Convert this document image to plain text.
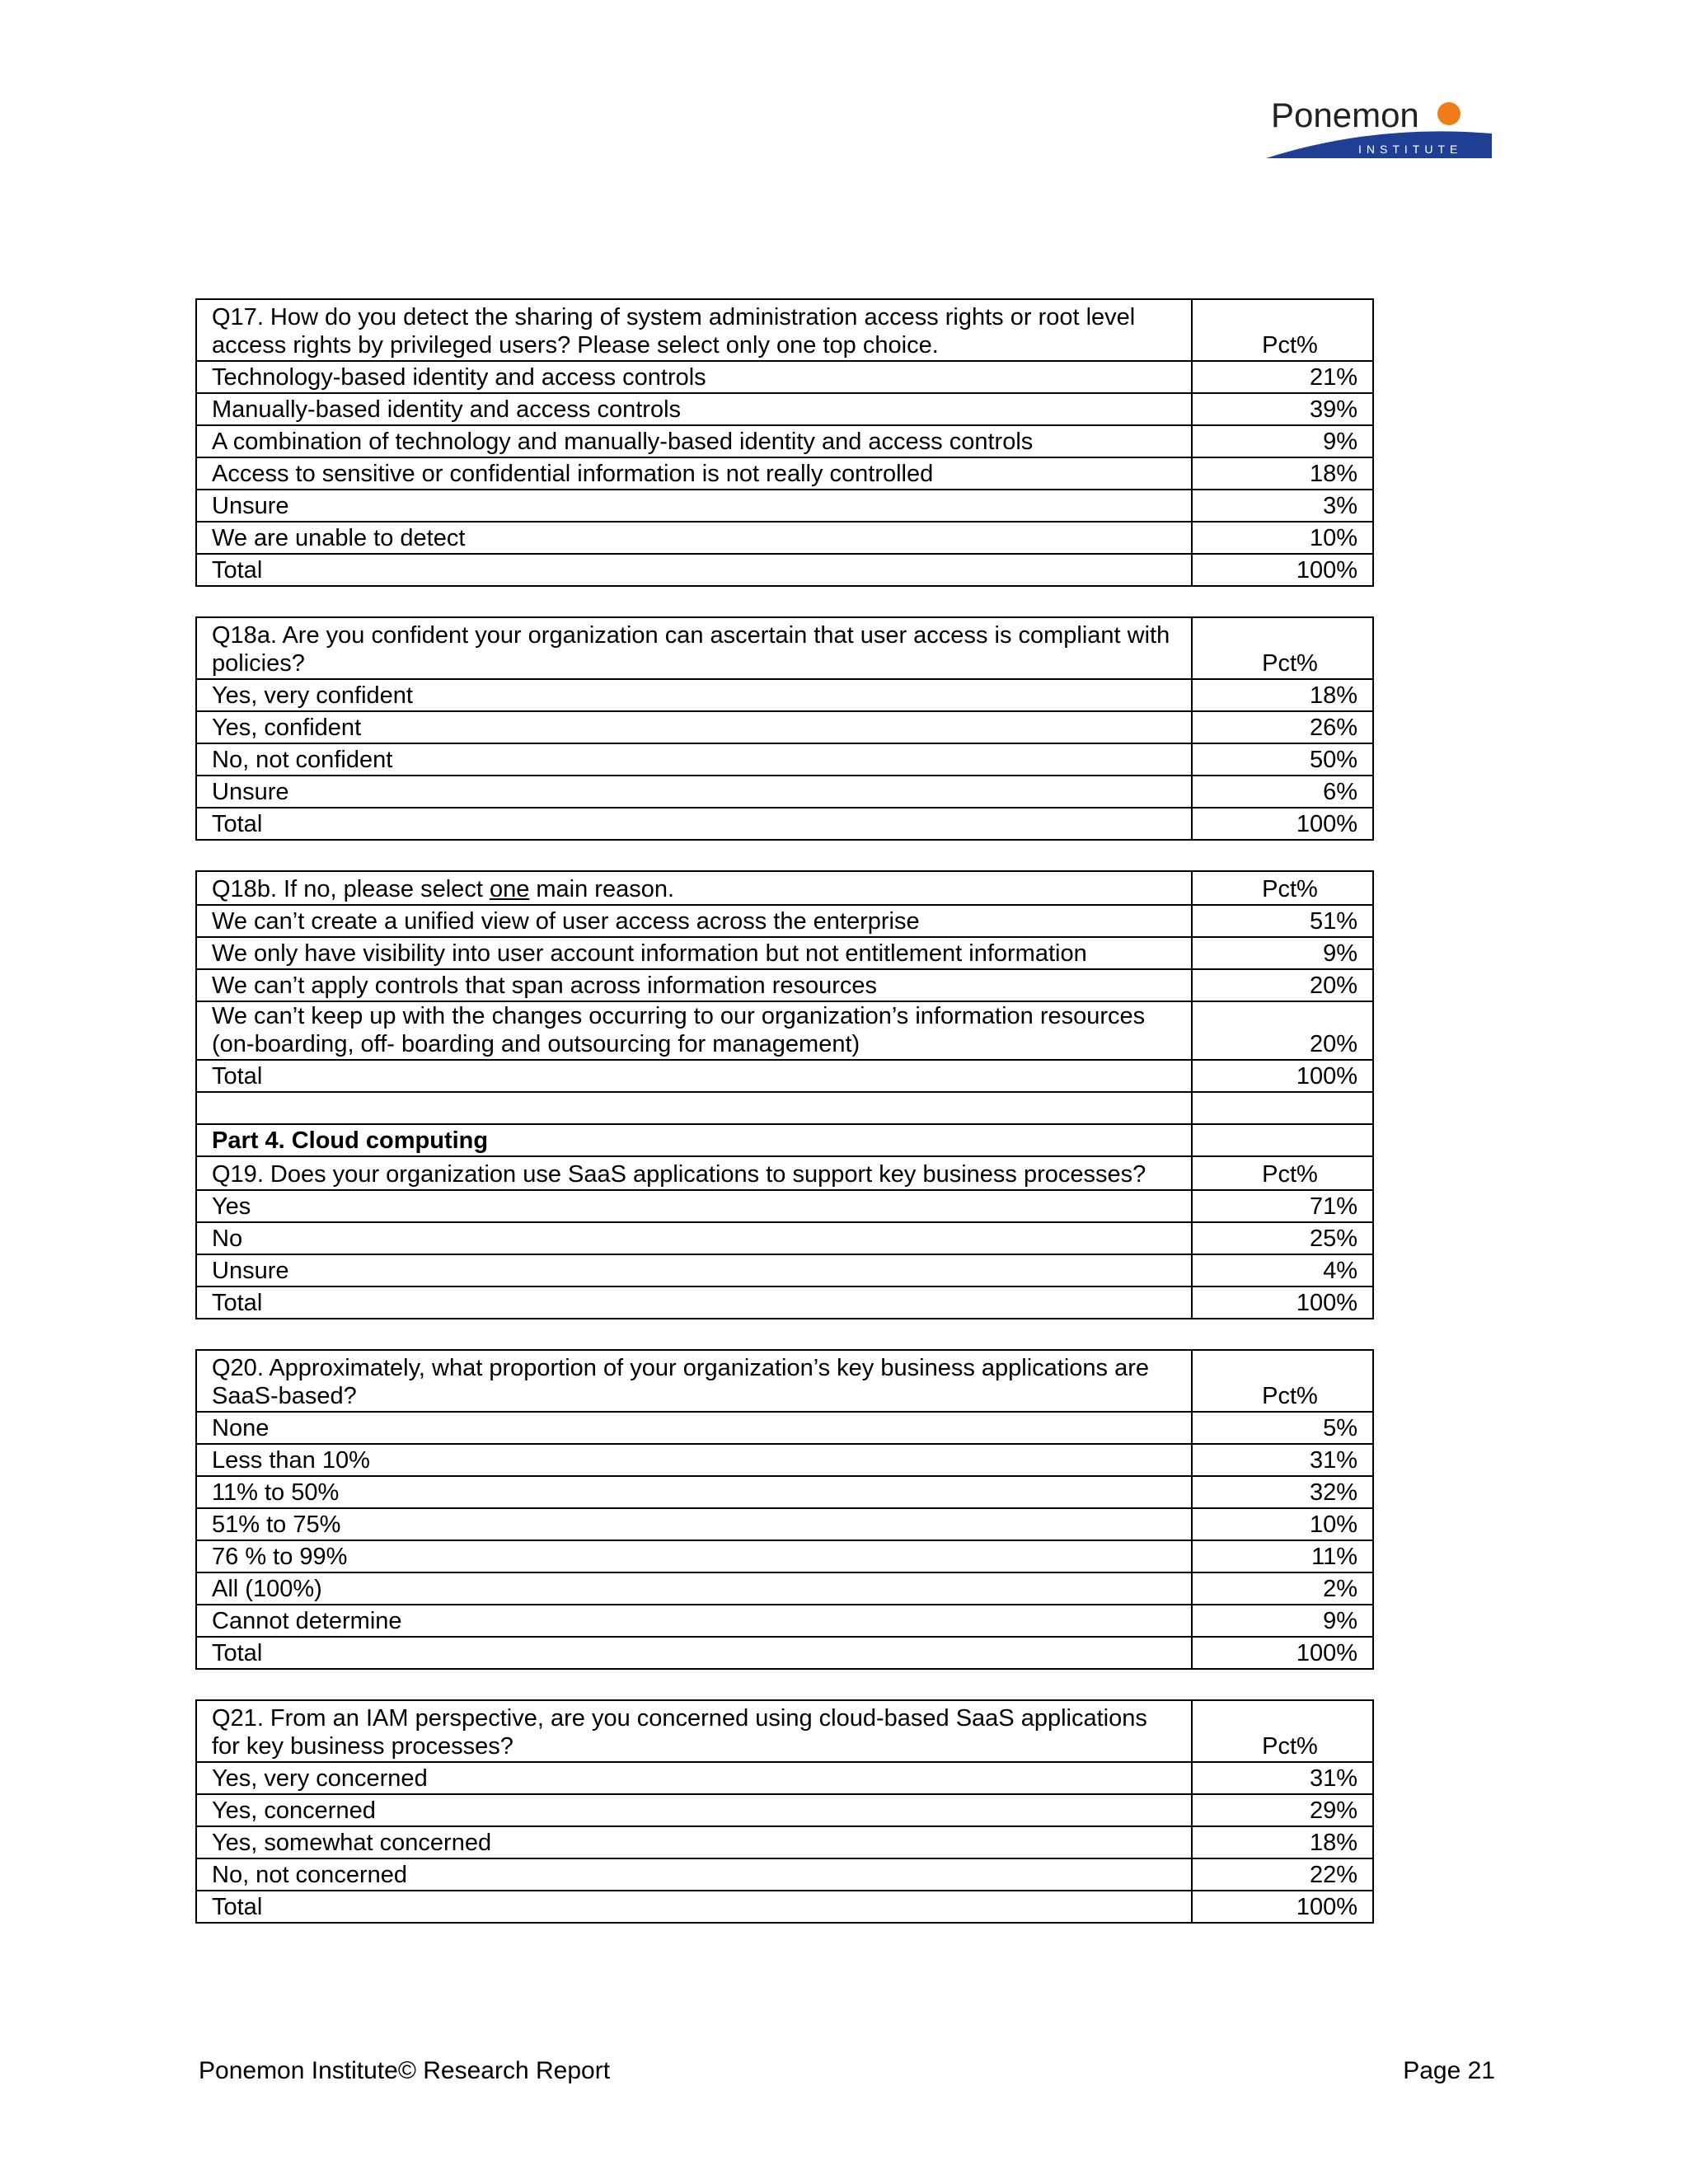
Ponemon
INSTITUTE
Q17. How do you detect the sharing of system administration access rights or root level access rights by privileged users? Please select only one top choice.	Pct%
Technology-based identity and access controls	21%
Manually-based identity and access controls	39%
A combination of technology and manually-based identity and access controls	9%
Access to sensitive or confidential information is not really controlled	18%
Unsure	3%
We are unable to detect	10%
Total	100%
Q18a. Are you confident your organization can ascertain that user access is compliant with policies?	Pct%
Yes, very confident	18%
Yes, confident	26%
No, not confident	50%
Unsure	6%
Total	100%
Q18b. If no, please select one main reason.	Pct%
We can’t create a unified view of user access across the enterprise	51%
We only have visibility into user account information but not entitlement information	9%
We can’t apply controls that span across information resources	20%
We can’t keep up with the changes occurring to our organization’s information resources (on-boarding, off- boarding and outsourcing for management)	20%
Total	100%

Part 4. Cloud computing	
Q19. Does your organization use SaaS applications to support key business processes?	Pct%
Yes	71%
No	25%
Unsure	4%
Total	100%
Q20. Approximately, what proportion of your organization’s key business applications are SaaS-based?	Pct%
None	5%
Less than 10%	31%
11% to 50%	32%
51% to 75%	10%
76 % to 99%	11%
All (100%)	2%
Cannot determine	9%
Total	100%
Q21. From an IAM perspective, are you concerned using cloud-based SaaS applications for key business processes?	Pct%
Yes, very concerned	31%
Yes, concerned	29%
Yes, somewhat concerned	18%
No, not concerned	22%
Total	100%
Ponemon Institute© Research Report	Page 21
